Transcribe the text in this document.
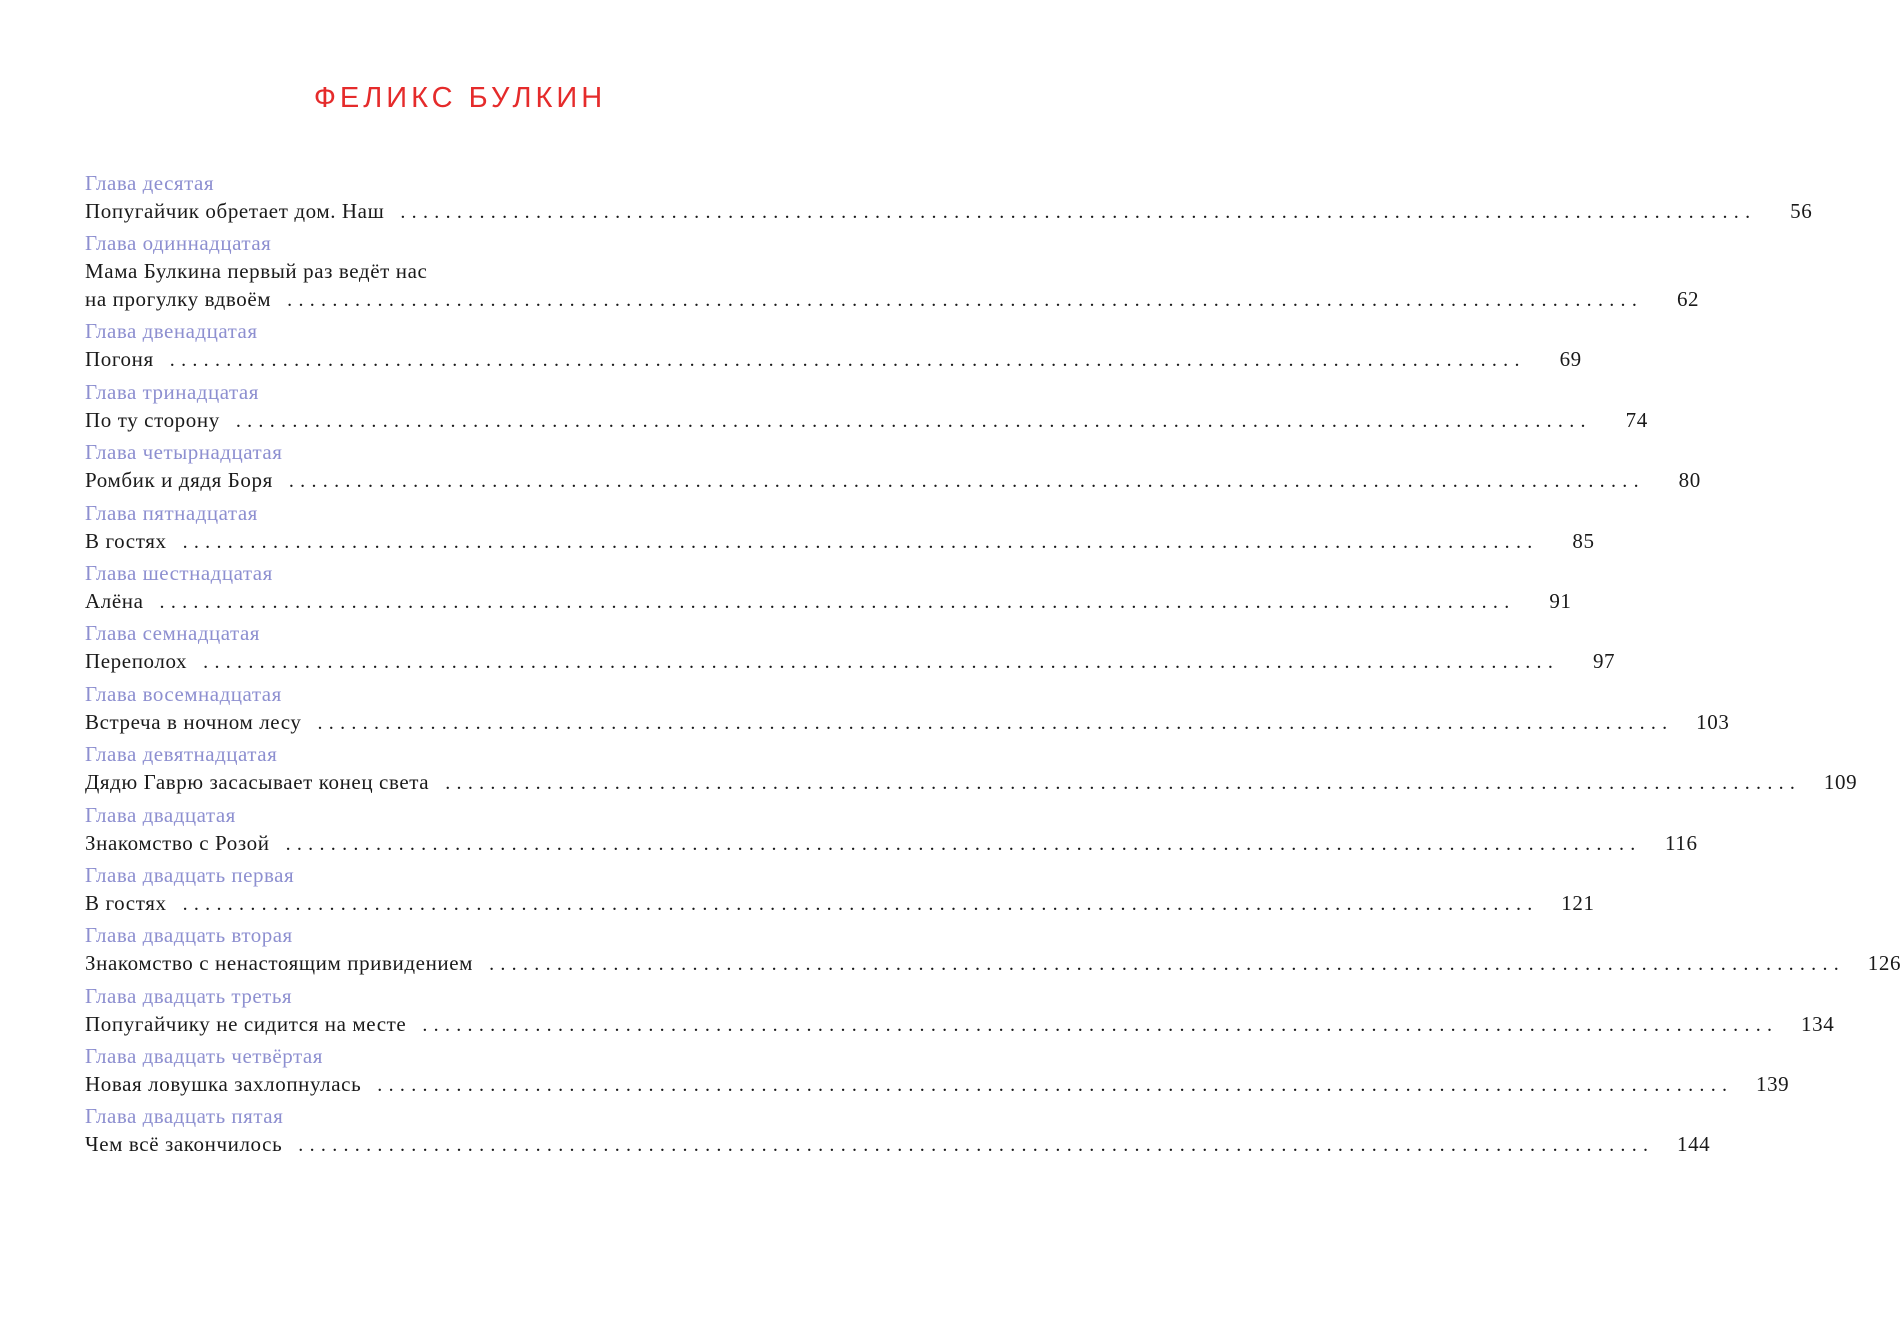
ФЕЛИКС БУЛКИН
Глава десятая
Попугайчик обретает дом. Наш ........................................................................................................................	56
Глава одиннадцатая
Мама Булкина первый раз ведёт нас
на прогулку вдвоём ........................................................................................................................	62
Глава двенадцатая
Погоня ........................................................................................................................	69
Глава тринадцатая
По ту сторону ........................................................................................................................	74
Глава четырнадцатая
Ромбик и дядя Боря ........................................................................................................................	80
Глава пятнадцатая
В гостях ........................................................................................................................	85
Глава шестнадцатая
Алёна ........................................................................................................................	91
Глава семнадцатая
Переполох ........................................................................................................................	97
Глава восемнадцатая
Встреча в ночном лесу ........................................................................................................................	103
Глава девятнадцатая
Дядю Гаврю засасывает конец света ........................................................................................................................	109
Глава двадцатая
Знакомство с Розой ........................................................................................................................	116
Глава двадцать первая
В гостях ........................................................................................................................	121
Глава двадцать вторая
Знакомство с ненастоящим привидением ........................................................................................................................	126
Глава двадцать третья
Попугайчику не сидится на месте ........................................................................................................................	134
Глава двадцать четвёртая
Новая ловушка захлопнулась ........................................................................................................................	139
Глава двадцать пятая
Чем всё закончилось ........................................................................................................................	144
